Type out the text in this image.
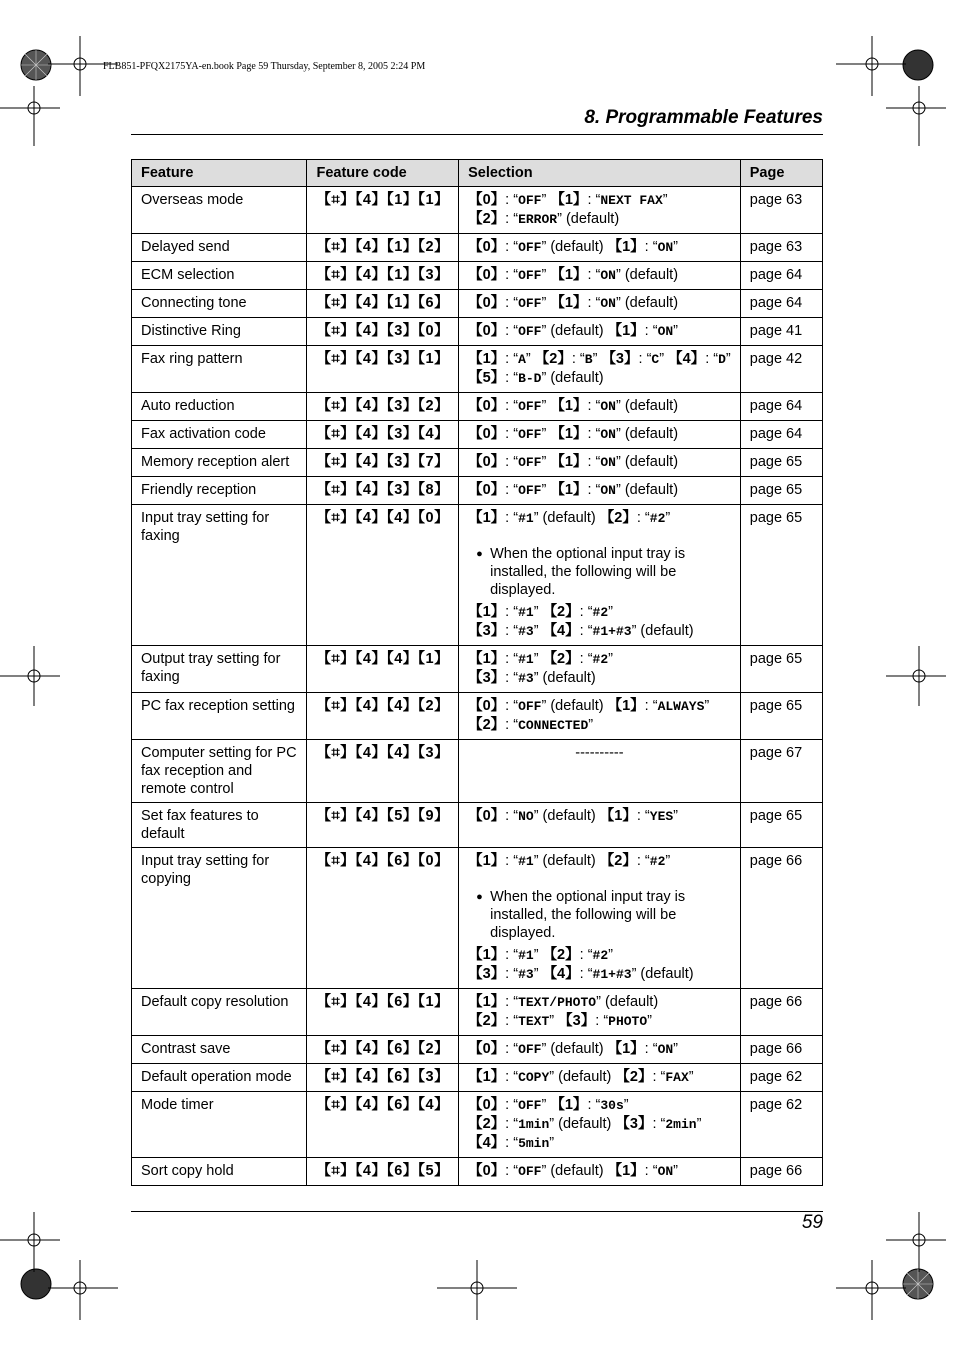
FLB851-PFQX2175YA-en.book Page 59 Thursday, September 8, 2005 2:24 PM
8. Programmable Features
Feature	Feature code	Selection	Page
Overseas mode	【⌗】【4】【1】【1】	【0】: “OFF” 【1】: “NEXT FAX”
【2】: “ERROR” (default)	page 63
Delayed send	【⌗】【4】【1】【2】	【0】: “OFF” (default) 【1】: “ON”	page 63
ECM selection	【⌗】【4】【1】【3】	【0】: “OFF” 【1】: “ON” (default)	page 64
Connecting tone	【⌗】【4】【1】【6】	【0】: “OFF” 【1】: “ON” (default)	page 64
Distinctive Ring	【⌗】【4】【3】【0】	【0】: “OFF” (default) 【1】: “ON”	page 41
Fax ring pattern	【⌗】【4】【3】【1】	【1】: “A” 【2】: “B” 【3】: “C” 【4】: “D”
【5】: “B-D” (default)	page 42
Auto reduction	【⌗】【4】【3】【2】	【0】: “OFF” 【1】: “ON” (default)	page 64
Fax activation code	【⌗】【4】【3】【4】	【0】: “OFF” 【1】: “ON” (default)	page 64
Memory reception alert	【⌗】【4】【3】【7】	【0】: “OFF” 【1】: “ON” (default)	page 65
Friendly reception	【⌗】【4】【3】【8】	【0】: “OFF” 【1】: “ON” (default)	page 65
Input tray setting for faxing	【⌗】【4】【4】【0】	【1】: “#1” (default) 【2】: “#2”
● When the optional input tray is installed, the following will be displayed.
【1】: “#1” 【2】: “#2”
【3】: “#3” 【4】: “#1+#3” (default)	page 65
Output tray setting for faxing	【⌗】【4】【4】【1】	【1】: “#1” 【2】: “#2”
【3】: “#3” (default)	page 65
PC fax reception setting	【⌗】【4】【4】【2】	【0】: “OFF” (default) 【1】: “ALWAYS”
【2】: “CONNECTED”	page 65
Computer setting for PC fax reception and remote control	【⌗】【4】【4】【3】	----------	page 67
Set fax features to default	【⌗】【4】【5】【9】	【0】: “NO” (default) 【1】: “YES”	page 65
Input tray setting for copying	【⌗】【4】【6】【0】	【1】: “#1” (default) 【2】: “#2”
● When the optional input tray is installed, the following will be displayed.
【1】: “#1” 【2】: “#2”
【3】: “#3” 【4】: “#1+#3” (default)	page 66
Default copy resolution	【⌗】【4】【6】【1】	【1】: “TEXT/PHOTO” (default)
【2】: “TEXT” 【3】: “PHOTO”	page 66
Contrast save	【⌗】【4】【6】【2】	【0】: “OFF” (default) 【1】: “ON”	page 66
Default operation mode	【⌗】【4】【6】【3】	【1】: “COPY” (default) 【2】: “FAX”	page 62
Mode timer	【⌗】【4】【6】【4】	【0】: “OFF” 【1】: “30s”
【2】: “1min” (default) 【3】: “2min”
【4】: “5min”	page 62
Sort copy hold	【⌗】【4】【6】【5】	【0】: “OFF” (default) 【1】: “ON”	page 66
59
